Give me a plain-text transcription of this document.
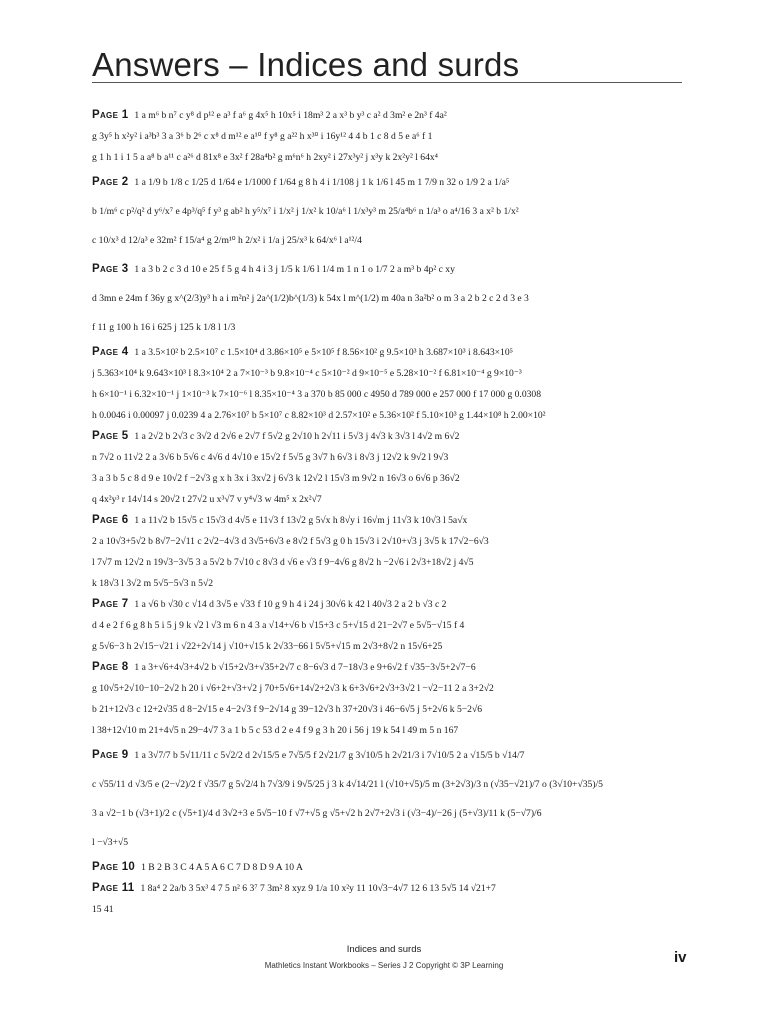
Answers – Indices and surds
Page 1 1 a m⁶ b n⁷ c y⁸ d p¹² e a³ f a⁶ g 4x⁵ h 10x⁵ i 18m³ 2 a x³ b y³ c a² d 3m² e 2n³ f 4a²
g 3y⁵ h x²y² i a³b³ 3 a 3⁶ b 2⁶ c x⁸ d m¹² e a¹⁰ f y⁸ g a²² h x³⁰ i 16y¹² 4 4 b 1 c 8 d 5 e a⁶ f 1
g 1 h 1 i 1 5 a a⁸ b a¹¹ c a²⁶ d 81x⁸ e 3x² f 28a⁴b² g m⁶n⁶ h 2xy² i 27x³y² j x³y k 2x²y² l 64x⁴
Page 2 1 a 1/9 b 1/8 c 1/25 d 1/64 e 1/1000 f 1/64 g 8 h 4 i 1/108 j 1 k 1/6 l 45 m 1 7/9 n 32 o 1/9 2 a 1/a⁵
b 1/m⁶ c p²/q² d y⁶/x⁷ e 4p³/q⁵ f y³ g ab² h y⁵/x⁷ i 1/x² j 1/x² k 10/a⁶ l 1/x³y³ m 25/a⁴b⁶ n 1/a³ o a⁴/16 3 a x² b 1/x²
c 10/x³ d 12/a³ e 32m² f 15/a⁴ g 2/m¹⁰ h 2/x² i 1/a j 25/x³ k 64/x⁶ l a¹²/4
Page 3 1 a 3 b 2 c 3 d 10 e 25 f 5 g 4 h 4 i 3 j 1/5 k 1/6 l 1/4 m 1 n 1 o 1/7 2 a m³ b 4p² c xy
d 3mn e 24m f 36y g x^(2/3)y³ h a i m²n² j 2a^(1/2)b^(1/3) k 54x l m^(1/2) m 40a n 3a²b² o m 3 a 2 b 2 c 2 d 3 e 3
f 11 g 100 h 16 i 625 j 125 k 1/8 l 1/3
Page 4 1 a 3.5×10² b 2.5×10⁷ c 1.5×10⁴ d 3.86×10⁵ e 5×10⁵ f 8.56×10² g 9.5×10³ h 3.687×10³ i 8.643×10⁵
j 5.363×10⁴ k 9.643×10³ l 8.3×10⁴ 2 a 7×10⁻³ b 9.8×10⁻⁴ c 5×10⁻² d 9×10⁻⁵ e 5.28×10⁻² f 6.81×10⁻⁴ g 9×10⁻³
h 6×10⁻¹ i 6.32×10⁻¹ j 1×10⁻³ k 7×10⁻⁶ l 8.35×10⁻⁴ 3 a 370 b 85 000 c 4950 d 789 000 e 257 000 f 17 000 g 0.0308
h 0.0046 i 0.00097 j 0.0239 4 a 2.76×10⁷ b 5×10⁷ c 8.82×10³ d 2.57×10² e 5.36×10² f 5.10×10³ g 1.44×10⁸ h 2.00×10²
Page 5 1 a 2√2 b 2√3 c 3√2 d 2√6 e 2√7 f 5√2 g 2√10 h 2√11 i 5√3 j 4√3 k 3√3 l 4√2 m 6√2
n 7√2 o 11√2 2 a 3√6 b 5√6 c 4√6 d 4√10 e 15√2 f 5√5 g 3√7 h 6√3 i 8√3 j 12√2 k 9√2 l 9√3
3 a 3 b 5 c 8 d 9 e 10√2 f −2√3 g x h 3x i 3x√2 j 6√3 k 12√2 l 15√3 m 9√2 n 16√3 o 6√6 p 36√2
q 4x²y³ r 14√14 s 20√2 t 27√2 u x³√7 v y⁴√3 w 4m⁵ x 2x²√7
Page 6 1 a 11√2 b 15√5 c 15√3 d 4√5 e 11√3 f 13√2 g 5√x h 8√y i 16√m j 11√3 k 10√3 l 5a√x
2 a 10√3+5√2 b 8√7−2√11 c 2√2−4√3 d 3√5+6√3 e 8√2 f 5√3 g 0 h 15√3 i 2√10+√3 j 3√5 k 17√2−6√3
l 7√7 m 12√2 n 19√3−3√5 3 a 5√2 b 7√10 c 8√3 d √6 e √3 f 9−4√6 g 8√2 h −2√6 i 2√3+18√2 j 4√5
k 18√3 l 3√2 m 5√5−5√3 n 5√2
Page 7 1 a √6 b √30 c √14 d 3√5 e √33 f 10 g 9 h 4 i 24 j 30√6 k 42 l 40√3 2 a 2 b √3 c 2
d 4 e 2 f 6 g 8 h 5 i 5 j 9 k √2 l √3 m 6 n 4 3 a √14+√6 b √15+3 c 5+√15 d 21−2√7 e 5√5−√15 f 4
g 5√6−3 h 2√15−√21 i √22+2√14 j √10+√15 k 2√33−66 l 5√5+√15 m 2√3+8√2 n 15√6+25
Page 8 1 a 3+√6+4√3+4√2 b √15+2√3+√35+2√7 c 8−6√3 d 7−18√3 e 9+6√2 f √35−3√5+2√7−6
g 10√5+2√10−10−2√2 h 20 i √6+2+√3+√2 j 70+5√6+14√2+2√3 k 6+3√6+2√3+3√2 l −√2−11 2 a 3+2√2
b 21+12√3 c 12+2√35 d 8−2√15 e 4−2√3 f 9−2√14 g 39−12√3 h 37+20√3 i 46−6√5 j 5+2√6 k 5−2√6
l 38+12√10 m 21+4√5 n 29−4√7 3 a 1 b 5 c 53 d 2 e 4 f 9 g 3 h 20 i 56 j 19 k 54 l 49 m 5 n 167
Page 9 1 a 3√7/7 b 5√11/11 c 5√2/2 d 2√15/5 e 7√5/5 f 2√21/7 g 3√10/5 h 2√21/3 i 7√10/5 2 a √15/5 b √14/7
c √55/11 d √3/5 e (2−√2)/2 f √35/7 g 5√2/4 h 7√3/9 i 9√5/25 j 3 k 4√14/21 l (√10+√5)/5 m (3+2√3)/3 n (√35−√21)/7 o (3√10+√35)/5
3 a √2−1 b (√3+1)/2 c (√5+1)/4 d 3√2+3 e 5√5−10 f √7+√5 g √5+√2 h 2√7+2√3 i (√3−4)/−26 j (5+√3)/11 k (5−√7)/6
l −√3+√5
Page 10 1 B 2 B 3 C 4 A 5 A 6 C 7 D 8 D 9 A 10 A
Page 11 1 8a⁴ 2 2a/b 3 5x³ 4 7 5 n² 6 3⁷ 7 3m² 8 xyz 9 1/a 10 x²y 11 10√3−4√7 12 6 13 5√5 14 √21+7
15 41
Indices and surds
Mathletics Instant Workbooks – Series J 2 Copyright © 3P Learning	iv
